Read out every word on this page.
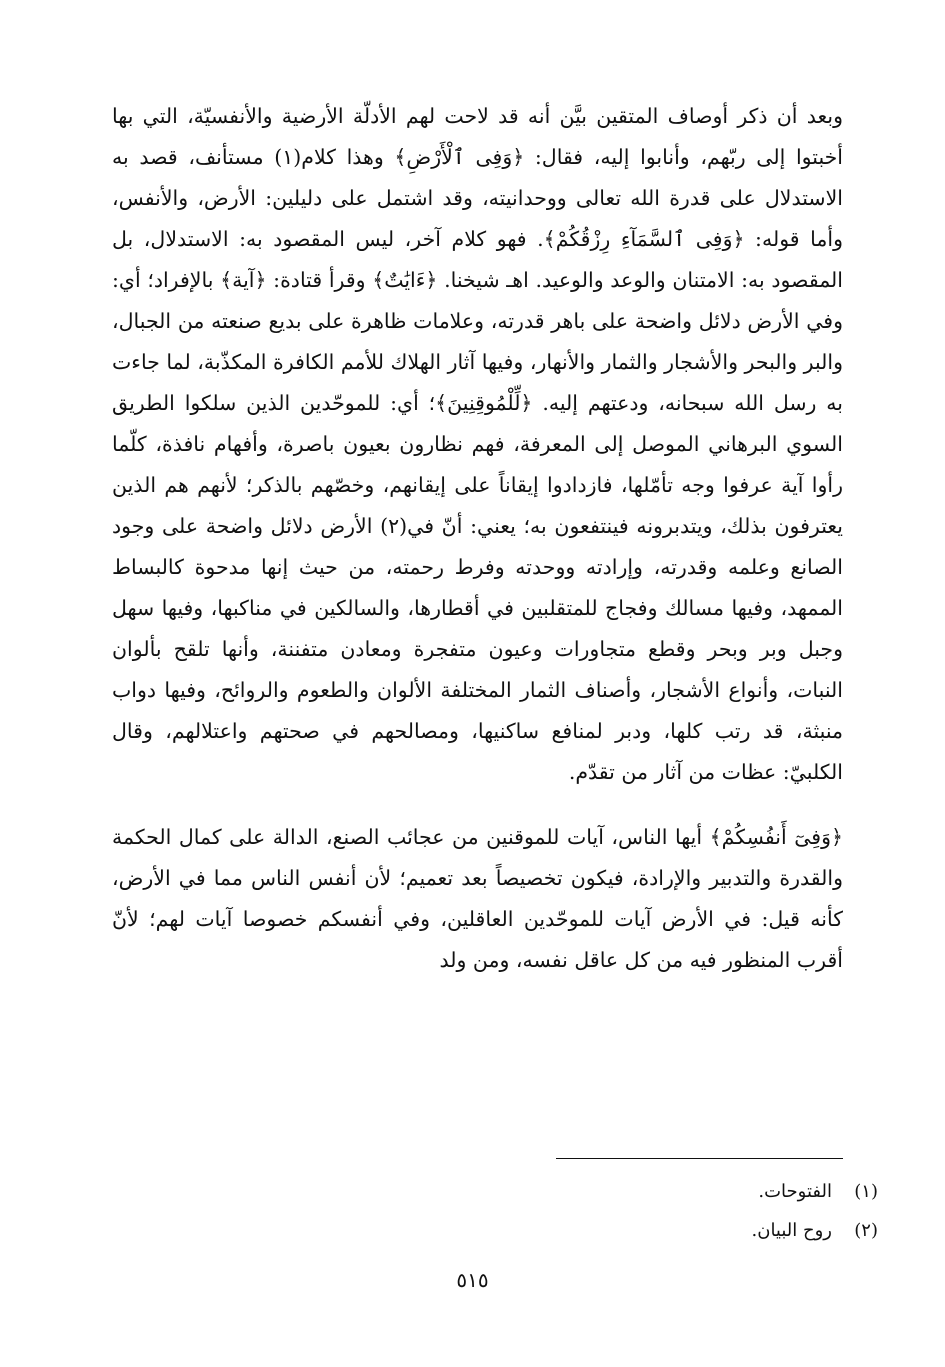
وبعد أن ذكر أوصاف المتقين بيَّن أنه قد لاحت لهم الأدلّة الأرضية والأنفسيّة، التي بها أخبتوا إلى ربّهم، وأنابوا إليه، فقال: ﴿وَفِى ٱلْأَرْضِ﴾ وهذا كلام(١) مستأنف، قصد به الاستدلال على قدرة الله تعالى ووحدانيته، وقد اشتمل على دليلين: الأرض، والأنفس، وأما قوله: ﴿وَفِى ٱلسَّمَآءِ رِزْقُكُمْ﴾. فهو كلام آخر، ليس المقصود به: الاستدلال، بل المقصود به: الامتنان والوعد والوعيد. اهـ شيخنا. ﴿ءَايَٰتٌ﴾ وقرأ قتادة: ﴿آية﴾ بالإفراد؛ أي: وفي الأرض دلائل واضحة على باهر قدرته، وعلامات ظاهرة على بديع صنعته من الجبال، والبر والبحر والأشجار والثمار والأنهار، وفيها آثار الهلاك للأمم الكافرة المكذّبة، لما جاءت به رسل الله سبحانه، ودعتهم إليه. ﴿لِّلْمُوقِنِينَ﴾؛ أي: للموحّدين الذين سلكوا الطريق السوي البرهاني الموصل إلى المعرفة، فهم نظارون بعيون باصرة، وأفهام نافذة، كلّما رأوا آية عرفوا وجه تأمّلها، فازدادوا إيقاناً على إيقانهم، وخصّهم بالذكر؛ لأنهم هم الذين يعترفون بذلك، ويتدبرونه فينتفعون به؛ يعني: أنّ في(٢) الأرض دلائل واضحة على وجود الصانع وعلمه وقدرته، وإرادته ووحدته وفرط رحمته، من حيث إنها مدحوة كالبساط الممهد، وفيها مسالك وفجاج للمتقلبين في أقطارها، والسالكين في مناكبها، وفيها سهل وجبل وبر وبحر وقطع متجاورات وعيون متفجرة ومعادن متفننة، وأنها تلقح بألوان النبات، وأنواع الأشجار، وأصناف الثمار المختلفة الألوان والطعوم والروائح، وفيها دواب منبثة، قد رتب كلها، ودبر لمنافع ساكنيها، ومصالحهم في صحتهم واعتلالهم، وقال الكلبيّ: عظات من آثار من تقدّم.

﴿وَفِىٓ أَنفُسِكُمْ﴾ أيها الناس، آيات للموقنين من عجائب الصنع، الدالة على كمال الحكمة والقدرة والتدبير والإرادة، فيكون تخصيصاً بعد تعميم؛ لأن أنفس الناس مما في الأرض، كأنه قيل: في الأرض آيات للموحّدين العاقلين، وفي أنفسكم خصوصا آيات لهم؛ لأنّ أقرب المنظور فيه من كل عاقل نفسه، ومن ولد

(١)الفتوحات.
(٢)روح البيان.
٥١٥
